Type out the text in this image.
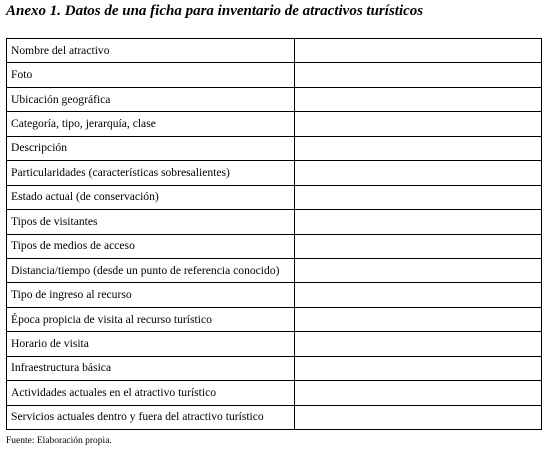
Anexo 1. Datos de una ficha para inventario de atractivos turísticos
Nombre del atractivo	
Foto	
Ubicación geográfica	
Categoría, tipo, jerarquía, clase	
Descripción	
Particularidades (características sobresalientes)	
Estado actual (de conservación)	
Tipos de visitantes	
Tipos de medios de acceso	
Distancia/tiempo (desde un punto de referencia conocido)	
Tipo de ingreso al recurso	
Época propicia de visita al recurso turístico	
Horario de visita	
Infraestructura básica	
Actividades actuales en el atractivo turístico	
Servicios actuales dentro y fuera del atractivo turístico	
Fuente: Elaboración propia.
